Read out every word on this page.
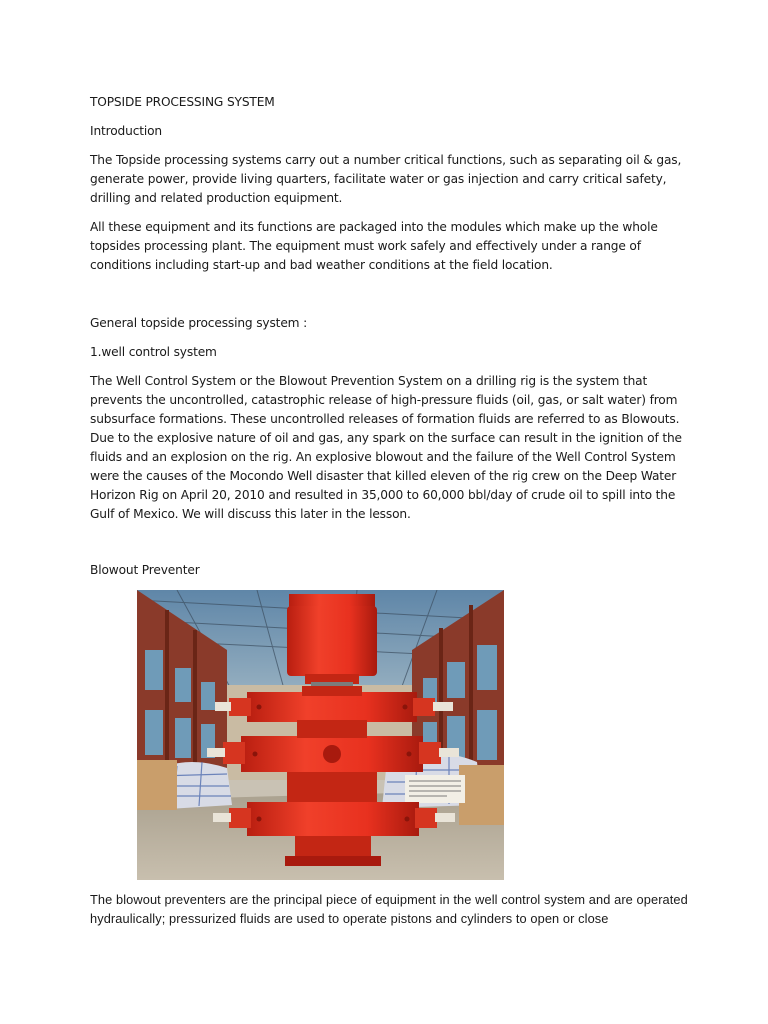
TOPSIDE PROCESSING SYSTEM

Introduction

The Topside processing systems carry out a number critical functions, such as separating oil & gas, generate power, provide living quarters, facilitate water or gas injection and carry critical safety, drilling and related production equipment.

All these equipment and its functions are packaged into the modules which make up the whole topsides processing plant. The equipment must work safely and effectively under a range of conditions including start-up and bad weather conditions at the field location.

General topside processing system :

1.well control system

The Well Control System or the Blowout Prevention System on a drilling rig is the system that prevents the uncontrolled, catastrophic release of high-pressure fluids (oil, gas, or salt water) from subsurface formations. These uncontrolled releases of formation fluids are referred to as Blowouts. Due to the explosive nature of oil and gas, any spark on the surface can result in the ignition of the fluids and an explosion on the rig. An explosive blowout and the failure of the Well Control System were the causes of the Mocondo Well disaster that killed eleven of the rig crew on the Deep Water Horizon Rig on April 20, 2010 and resulted in 35,000 to 60,000 bbl/day of crude oil to spill into the Gulf of Mexico. We will discuss this later in the lesson.

Blowout Preventer

The blowout preventers are the principal piece of equipment in the well control system and are operated hydraulically; pressurized fluids are used to operate pistons and cylinders to open or close
